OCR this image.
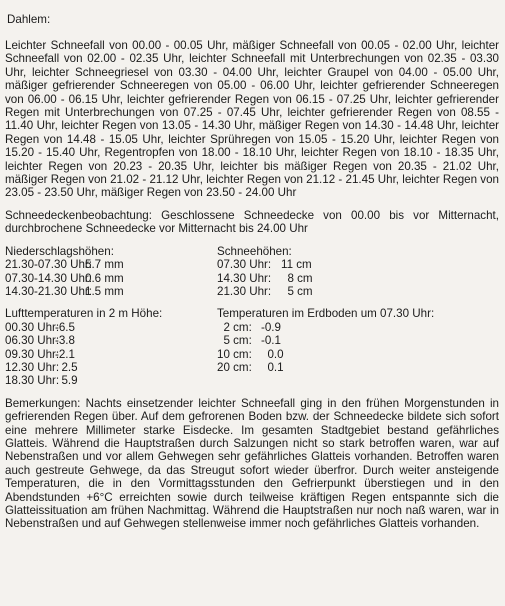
Dahlem:

Leichter Schneefall von 00.00 - 00.05 Uhr, mäßiger Schneefall von 00.05 - 02.00 Uhr, leichter Schneefall von 02.00 - 02.35 Uhr, leichter Schneefall mit Unterbrechungen von 02.35 - 03.30 Uhr, leichter Schneegriesel von 03.30 - 04.00 Uhr, leichter Graupel von 04.00 - 05.00 Uhr, mäßiger gefrierender Schneeregen von 05.00 - 06.00 Uhr, leichter gefrierender Schneeregen von 06.00 - 06.15 Uhr, leichter gefrierender Regen von 06.15 - 07.25 Uhr, leichter gefrierender Regen mit Unterbrechungen von 07.25 - 07.45 Uhr, leichter gefrierender Regen von 08.55 - 11.40 Uhr, leichter Regen von 13.05 - 14.30 Uhr, mäßiger Regen von 14.30 - 14.48 Uhr, leichter Regen von 14.48 - 15.05 Uhr, leichter Sprühregen von 15.05 - 15.20 Uhr, leichter Regen von 15.20 - 15.40 Uhr, Regentropfen von 18.00 - 18.10 Uhr, leichter Regen von 18.10 - 18.35 Uhr, leichter Regen von 20.23 - 20.35 Uhr, leichter bis mäßiger Regen von 20.35 - 21.02 Uhr, mäßiger Regen von 21.02 - 21.12 Uhr, leichter Regen von 21.12 - 21.45 Uhr, leichter Regen von 23.05 - 23.50 Uhr, mäßiger Regen von 23.50 - 24.00 Uhr

Schneedeckenbeobachtung: Geschlossene Schneedecke von 00.00 bis vor Mitternacht, durchbrochene Schneedecke vor Mitternacht bis 24.00 Uhr

Niederschlagshöhen:
21.30-07.30 Uhr:
5.7 mm
07.30-14.30 Uhr:
0.6 mm
14.30-21.30 Uhr:
1.5 mm
Schneehöhen:
07.30 Uhr: 11 cm
14.30 Uhr: 8 cm
21.30 Uhr: 5 cm
Lufttemperaturen in 2 m Höhe:
00.30 Uhr:
-6.5
06.30 Uhr:
-3.8
09.30 Uhr:
-2.1
12.30 Uhr:
2.5
18.30 Uhr:
5.9
Temperaturen im Erdboden um 07.30 Uhr:
2 cm: -0.9
5 cm: -0.1
10 cm: 0.0
20 cm: 0.1

Bemerkungen: Nachts einsetzender leichter Schneefall ging in den frühen Morgenstunden in gefrierenden Regen über. Auf dem gefrorenen Boden bzw. der Schneedecke bildete sich sofort eine mehrere Millimeter starke Eisdecke. Im gesamten Stadtgebiet bestand gefährliches Glatteis. Während die Hauptstraßen durch Salzungen nicht so stark betroffen waren, war auf Nebenstraßen und vor allem Gehwegen sehr gefährliches Glatteis vorhanden. Betroffen waren auch gestreute Gehwege, da das Streugut sofort wieder überfror. Durch weiter ansteigende Temperaturen, die in den Vormittagsstunden den Gefrierpunkt überstiegen und in den Abendstunden +6°C erreichten sowie durch teilweise kräftigen Regen entspannte sich die Glatteissituation am frühen Nachmittag. Während die Hauptstraßen nur noch naß waren, war in Nebenstraßen und auf Gehwegen stellenweise immer noch gefährliches Glatteis vorhanden.
